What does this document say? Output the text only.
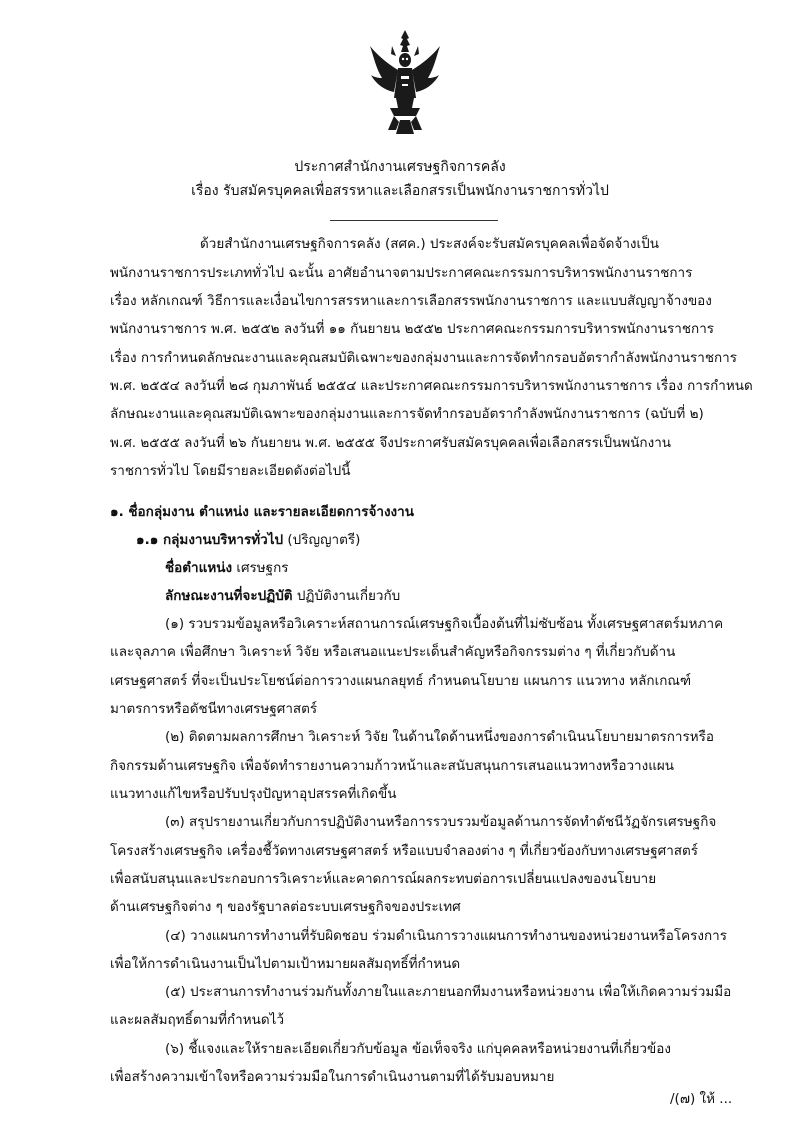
ประกาศสำนักงานเศรษฐกิจการคลัง
เรื่อง รับสมัครบุคคลเพื่อสรรหาและเลือกสรรเป็นพนักงานราชการทั่วไป
ด้วยสำนักงานเศรษฐกิจการคลัง (สศค.) ประสงค์จะรับสมัครบุคคลเพื่อจัดจ้างเป็น
พนักงานราชการประเภททั่วไป ฉะนั้น อาศัยอำนาจตามประกาศคณะกรรมการบริหารพนักงานราชการ
เรื่อง หลักเกณฑ์ วิธีการและเงื่อนไขการสรรหาและการเลือกสรรพนักงานราชการ และแบบสัญญาจ้างของ
พนักงานราชการ พ.ศ. ๒๕๕๒ ลงวันที่ ๑๑ กันยายน ๒๕๕๒ ประกาศคณะกรรมการบริหารพนักงานราชการ
เรื่อง การกำหนดลักษณะงานและคุณสมบัติเฉพาะของกลุ่มงานและการจัดทำกรอบอัตรากำลังพนักงานราชการ
พ.ศ. ๒๕๕๔ ลงวันที่ ๒๘ กุมภาพันธ์ ๒๕๕๔ และประกาศคณะกรรมการบริหารพนักงานราชการ เรื่อง การกำหนด
ลักษณะงานและคุณสมบัติเฉพาะของกลุ่มงานและการจัดทำกรอบอัตรากำลังพนักงานราชการ (ฉบับที่ ๒)
พ.ศ. ๒๕๕๕ ลงวันที่ ๒๖ กันยายน พ.ศ. ๒๕๕๕ จึงประกาศรับสมัครบุคคลเพื่อเลือกสรรเป็นพนักงาน
ราชการทั่วไป โดยมีรายละเอียดดังต่อไปนี้
๑. ชื่อกลุ่มงาน ตำแหน่ง และรายละเอียดการจ้างงาน
๑.๑ กลุ่มงานบริหารทั่วไป (ปริญญาตรี)
ชื่อตำแหน่ง เศรษฐกร
ลักษณะงานที่จะปฏิบัติ ปฏิบัติงานเกี่ยวกับ
(๑) รวบรวมข้อมูลหรือวิเคราะห์สถานการณ์เศรษฐกิจเบื้องต้นที่ไม่ซับซ้อน ทั้งเศรษฐศาสตร์มหภาค
และจุลภาค เพื่อศึกษา วิเคราะห์ วิจัย หรือเสนอแนะประเด็นสำคัญหรือกิจกรรมต่าง ๆ ที่เกี่ยวกับด้าน
เศรษฐศาสตร์ ที่จะเป็นประโยชน์ต่อการวางแผนกลยุทธ์ กำหนดนโยบาย แผนการ แนวทาง หลักเกณฑ์
มาตรการหรือดัชนีทางเศรษฐศาสตร์
(๒) ติดตามผลการศึกษา วิเคราะห์ วิจัย ในด้านใดด้านหนึ่งของการดำเนินนโยบายมาตรการหรือ
กิจกรรมด้านเศรษฐกิจ เพื่อจัดทำรายงานความก้าวหน้าและสนับสนุนการเสนอแนวทางหรือวางแผน
แนวทางแก้ไขหรือปรับปรุงปัญหาอุปสรรคที่เกิดขึ้น
(๓) สรุปรายงานเกี่ยวกับการปฏิบัติงานหรือการรวบรวมข้อมูลด้านการจัดทำดัชนีวัฏจักรเศรษฐกิจ
โครงสร้างเศรษฐกิจ เครื่องชี้วัดทางเศรษฐศาสตร์ หรือแบบจำลองต่าง ๆ ที่เกี่ยวข้องกับทางเศรษฐศาสตร์
เพื่อสนับสนุนและประกอบการวิเคราะห์และคาดการณ์ผลกระทบต่อการเปลี่ยนแปลงของนโยบาย
ด้านเศรษฐกิจต่าง ๆ ของรัฐบาลต่อระบบเศรษฐกิจของประเทศ
(๔) วางแผนการทำงานที่รับผิดชอบ ร่วมดำเนินการวางแผนการทำงานของหน่วยงานหรือโครงการ
เพื่อให้การดำเนินงานเป็นไปตามเป้าหมายผลสัมฤทธิ์ที่กำหนด
(๕) ประสานการทำงานร่วมกันทั้งภายในและภายนอกทีมงานหรือหน่วยงาน เพื่อให้เกิดความร่วมมือ
และผลสัมฤทธิ์ตามที่กำหนดไว้
(๖) ชี้แจงและให้รายละเอียดเกี่ยวกับข้อมูล ข้อเท็จจริง แก่บุคคลหรือหน่วยงานที่เกี่ยวข้อง
เพื่อสร้างความเข้าใจหรือความร่วมมือในการดำเนินงานตามที่ได้รับมอบหมาย
/(๗) ให้ ...
